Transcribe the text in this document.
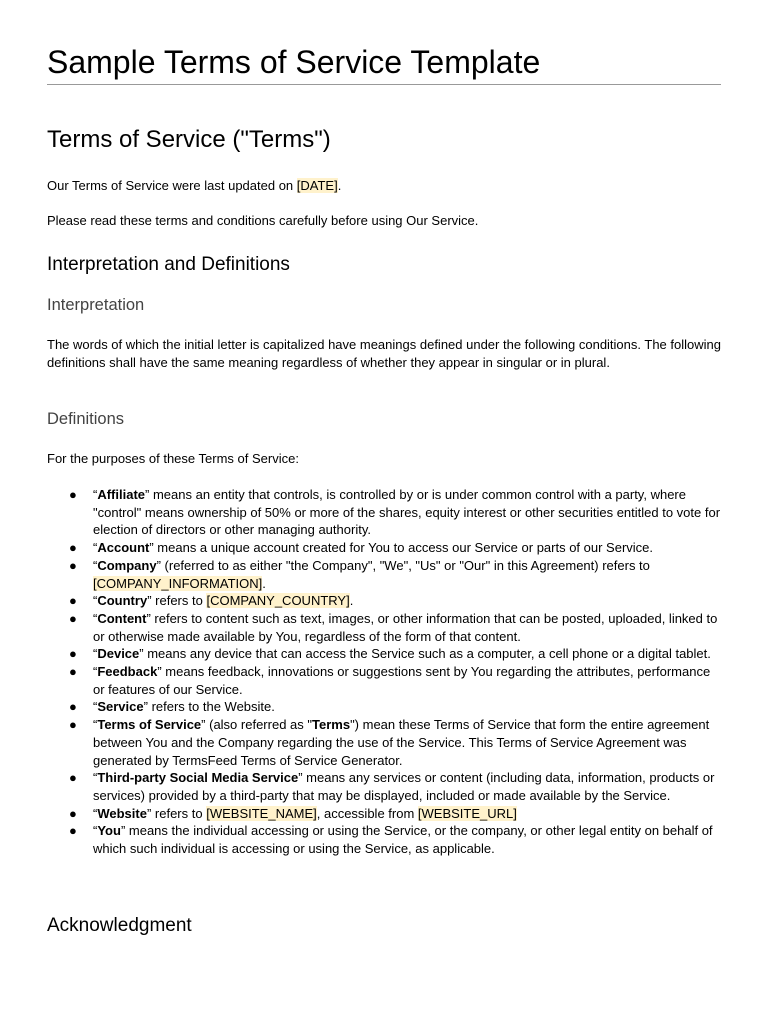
Sample Terms of Service Template
Terms of Service ("Terms")
Our Terms of Service were last updated on [DATE].
Please read these terms and conditions carefully before using Our Service.
Interpretation and Definitions
Interpretation
The words of which the initial letter is capitalized have meanings defined under the following conditions. The following definitions shall have the same meaning regardless of whether they appear in singular or in plural.
Definitions
For the purposes of these Terms of Service:
● “Affiliate” means an entity that controls, is controlled by or is under common control with a party, where "control" means ownership of 50% or more of the shares, equity interest or other securities entitled to vote for election of directors or other managing authority.
● “Account” means a unique account created for You to access our Service or parts of our Service.
● “Company” (referred to as either "the Company", "We", "Us" or "Our" in this Agreement) refers to [COMPANY_INFORMATION].
● “Country” refers to [COMPANY_COUNTRY].
● “Content” refers to content such as text, images, or other information that can be posted, uploaded, linked to or otherwise made available by You, regardless of the form of that content.
● “Device” means any device that can access the Service such as a computer, a cell phone or a digital tablet.
● “Feedback” means feedback, innovations or suggestions sent by You regarding the attributes, performance or features of our Service.
● “Service” refers to the Website.
● “Terms of Service” (also referred as "Terms") mean these Terms of Service that form the entire agreement between You and the Company regarding the use of the Service. This Terms of Service Agreement was generated by TermsFeed Terms of Service Generator.
● “Third-party Social Media Service” means any services or content (including data, information, products or services) provided by a third-party that may be displayed, included or made available by the Service.
● “Website” refers to [WEBSITE_NAME], accessible from [WEBSITE_URL]
● “You” means the individual accessing or using the Service, or the company, or other legal entity on behalf of which such individual is accessing or using the Service, as applicable.
Acknowledgment
